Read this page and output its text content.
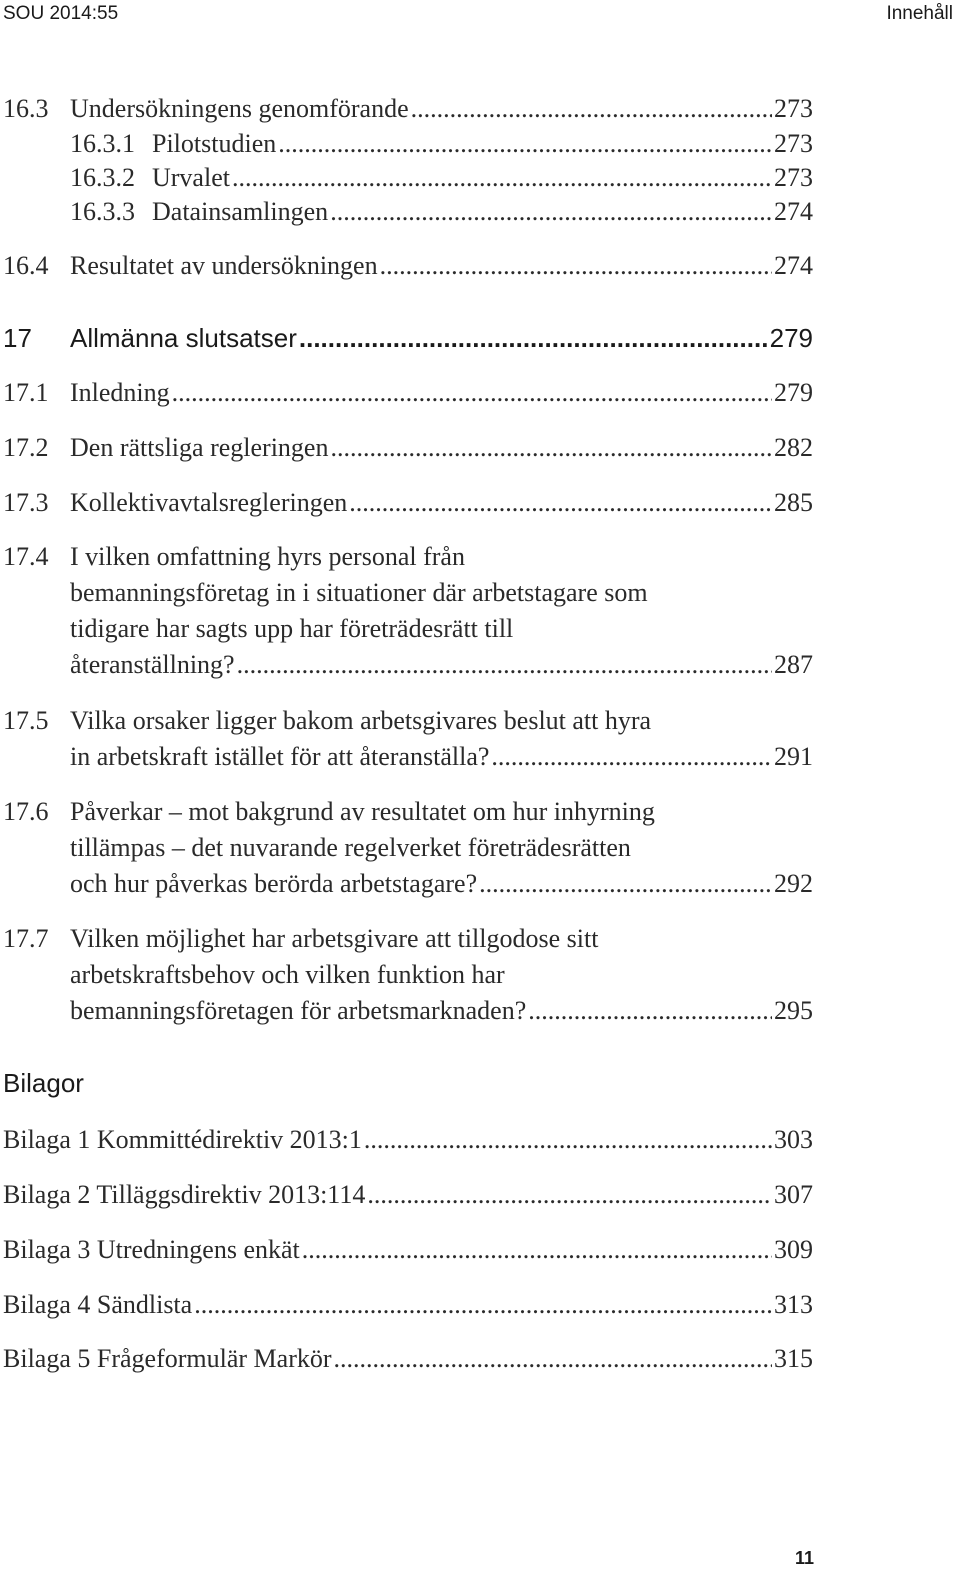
SOU 2014:55	Innehåll
16.3 Undersökningens genomförande .....	273
16.3.1 Pilotstudien .....	273
16.3.2 Urvalet .....	273
16.3.3 Datainsamlingen .....	274
16.4 Resultatet av undersökningen .....	274
17 Allmänna slutsatser .....	279
17.1 Inledning .....	279
17.2 Den rättsliga regleringen .....	282
17.3 Kollektivavtalsregleringen .....	285
17.4 I vilken omfattning hyrs personal från
bemanningsföretag in i situationer där arbetstagare som
tidigare har sagts upp har företrädesrätt till
återanställning? .....	287
17.5 Vilka orsaker ligger bakom arbetsgivares beslut att hyra
in arbetskraft istället för att återanställa? .....	291
17.6 Påverkar – mot bakgrund av resultatet om hur inhyrning
tillämpas – det nuvarande regelverket företrädesrätten
och hur påverkas berörda arbetstagare? .....	292
17.7 Vilken möjlighet har arbetsgivare att tillgodose sitt
arbetskraftsbehov och vilken funktion har
bemanningsföretagen för arbetsmarknaden? .....	295
Bilagor
Bilaga 1 Kommittédirektiv 2013:1 .....	303
Bilaga 2 Tilläggsdirektiv 2013:114 .....	307
Bilaga 3 Utredningens enkät .....	309
Bilaga 4 Sändlista .....	313
Bilaga 5 Frågeformulär Markör .....	315
11
